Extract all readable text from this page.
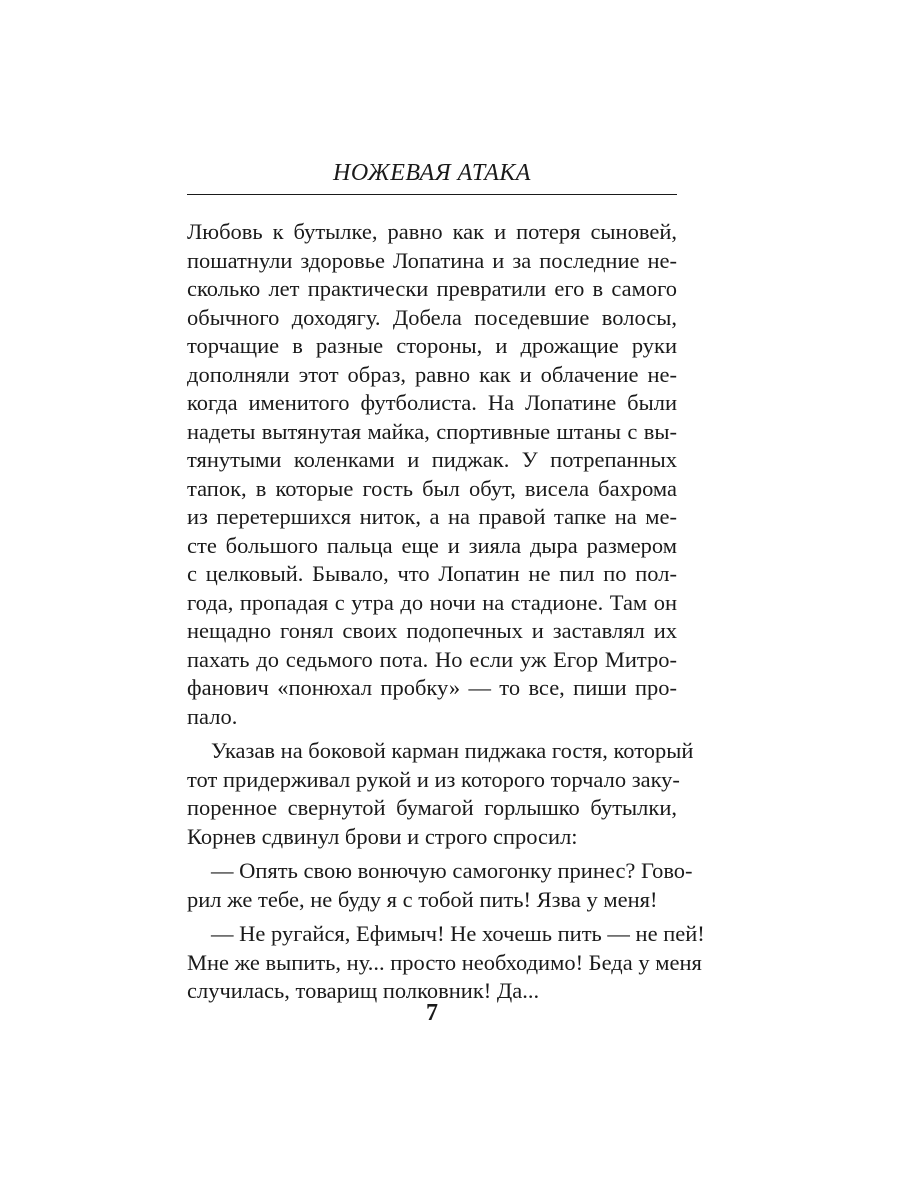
НОЖЕВАЯ АТАКА
Любовь к бутылке, равно как и потеря сыновей,
пошатнули здоровье Лопатина и за последние не-
сколько лет практически превратили его в самого
обычного доходягу. Добела поседевшие волосы,
торчащие в разные стороны, и дрожащие руки
дополняли этот образ, равно как и облачение не-
когда именитого футболиста. На Лопатине были
надеты вытянутая майка, спортивные штаны с вы-
тянутыми коленками и пиджак. У потрепанных
тапок, в которые гость был обут, висела бахрома
из перетершихся ниток, а на правой тапке на ме-
сте большого пальца еще и зияла дыра размером
с целковый. Бывало, что Лопатин не пил по пол-
года, пропадая с утра до ночи на стадионе. Там он
нещадно гонял своих подопечных и заставлял их
пахать до седьмого пота. Но если уж Егор Митро-
фанович «понюхал пробку» — то все, пиши про-
пало.
Указав на боковой карман пиджака гостя, который
тот придерживал рукой и из которого торчало заку-
поренное свернутой бумагой горлышко бутылки,
Корнев сдвинул брови и строго спросил:
— Опять свою вонючую самогонку принес? Гово-
рил же тебе, не буду я с тобой пить! Язва у меня!
— Не ругайся, Ефимыч! Не хочешь пить — не пей!
Мне же выпить, ну... просто необходимо! Беда у меня
случилась, товарищ полковник! Да...
7
